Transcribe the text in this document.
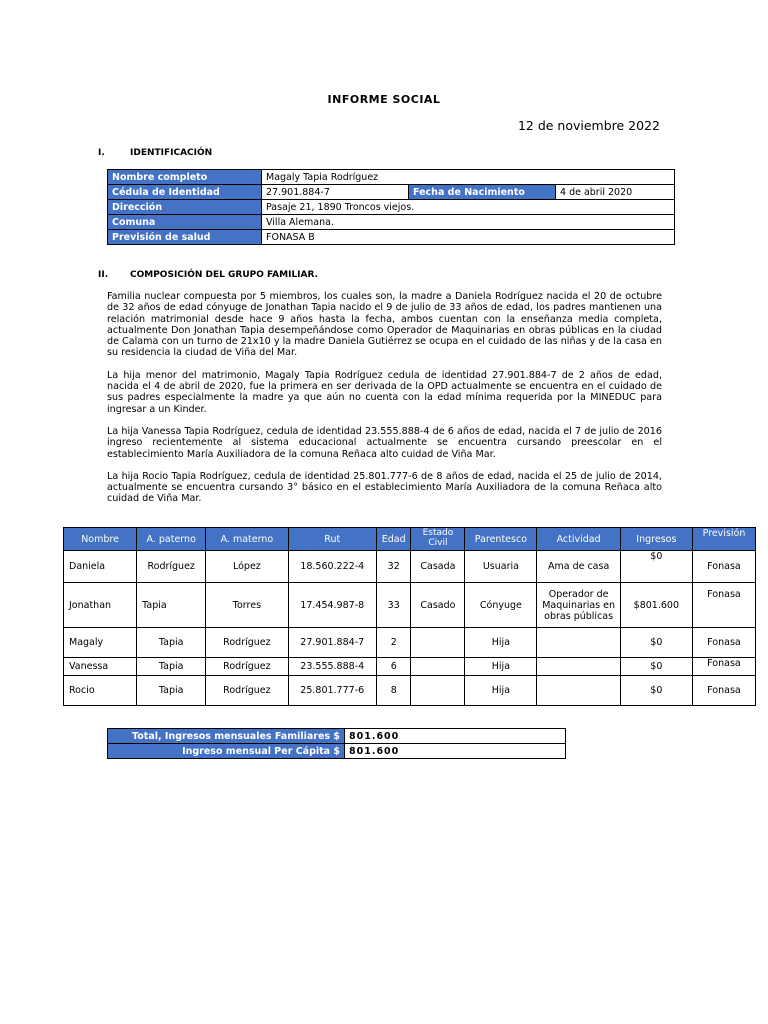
INFORME SOCIAL
12 de noviembre 2022
I.	IDENTIFICACIÓN
Nombre completo	Magaly Tapia Rodríguez		
Cédula de Identidad	27.901.884-7	Fecha de Nacimiento	4 de abril 2020
Dirección	Pasaje 21, 1890 Troncos viejos.		
Comuna	Villa Alemana.		
Previsión de salud	FONASA B		
II. COMPOSICIÓN DEL GRUPO FAMILIAR.

Familia nuclear compuesta por 5 miembros, los cuales son, la madre a Daniela Rodríguez nacida el 20 de octubre de 32 años de edad cónyuge de Jonathan Tapia nacido el 9 de julio de 33 años de edad, los padres mantienen una relación matrimonial desde hace 9 años hasta la fecha, ambos cuentan con la enseñanza media completa, actualmente Don Jonathan Tapia desempeñándose como Operador de Maquinarias en obras públicas en la ciudad de Calama con un turno de 21x10 y la madre Daniela Gutiérrez se ocupa en el cuidado de las niñas y de la casa en su residencia la ciudad de Viña del Mar.

La hija menor del matrimonio, Magaly Tapia Rodríguez cedula de identidad 27.901.884-7 de 2 años de edad, nacida el 4 de abril de 2020, fue la primera en ser derivada de la OPD actualmente se encuentra en el cuidado de sus padres especialmente la madre ya que aún no cuenta con la edad mínima requerida por la MINEDUC para ingresar a un Kinder.

La hija Vanessa Tapia Rodríguez, cedula de identidad 23.555.888-4 de 6 años de edad, nacida el 7 de julio de 2016 ingreso recientemente al sistema educacional actualmente se encuentra cursando preescolar en el establecimiento María Auxiliadora de la comuna Reñaca alto cuidad de Viña Mar.

La hija Rocio Tapia Rodríguez, cedula de identidad 25.801.777-6 de 8 años de edad, nacida el 25 de julio de 2014, actualmente se encuentra cursando 3° básico en el establecimiento María Auxiliadora de la comuna Reñaca alto cuidad de Viña Mar.

Nombre	A. paterno	A. materno	Rut	Edad	Estado Civil	Parentesco	Actividad	Ingresos	Previsión
Daniela	Rodríguez	López	18.560.222-4	32	Casada	Usuaria	Ama de casa	$0	Fonasa
Jonathan	Tapia	Torres	17.454.987-8	33	Casado	Cónyuge	Operador de Maquinarias en obras públicas	$801.600	Fonasa
Magaly	Tapia	Rodríguez	27.901.884-7	2		Hija		$0	Fonasa
Vanessa	Tapia	Rodríguez	23.555.888-4	6		Hija		$0	Fonasa
Rocio	Tapia	Rodríguez	25.801.777-6	8		Hija		$0	Fonasa
Total, Ingresos mensuales Familiares $	801.600
Ingreso mensual Per Cápita $	801.600
